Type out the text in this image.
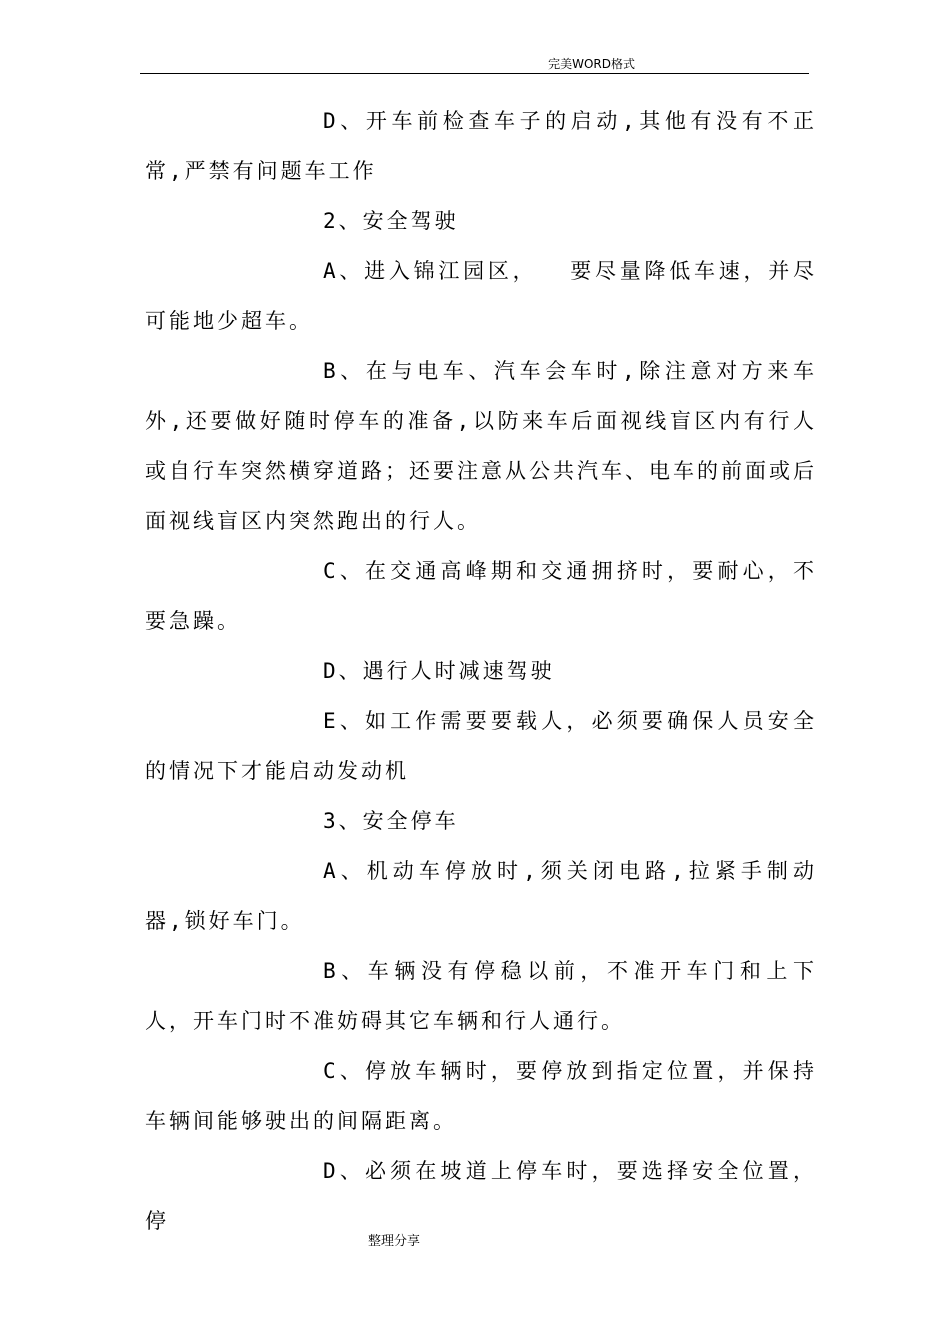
完美WORD格式

D、开车前检查车子的启动,其他有没有不正常,严禁有问题车工作

2、安全驾驶

A、进入锦江园区，  要尽量降低车速，并尽可能地少超车。

B、在与电车、汽车会车时,除注意对方来车外,还要做好随时停车的准备,以防来车后面视线盲区内有行人或自行车突然横穿道路；还要注意从公共汽车、电车的前面或后面视线盲区内突然跑出的行人。

C、在交通高峰期和交通拥挤时，要耐心，不要急躁。

D、遇行人时减速驾驶

E、如工作需要要载人，必须要确保人员安全的情况下才能启动发动机

3、安全停车

A、机动车停放时,须关闭电路,拉紧手制动器,锁好车门。

B、车辆没有停稳以前，不准开车门和上下人，开车门时不准妨碍其它车辆和行人通行。

C、停放车辆时，要停放到指定位置，并保持车辆间能够驶出的间隔距离。

D、必须在坡道上停车时，要选择安全位置，停

整理分享
